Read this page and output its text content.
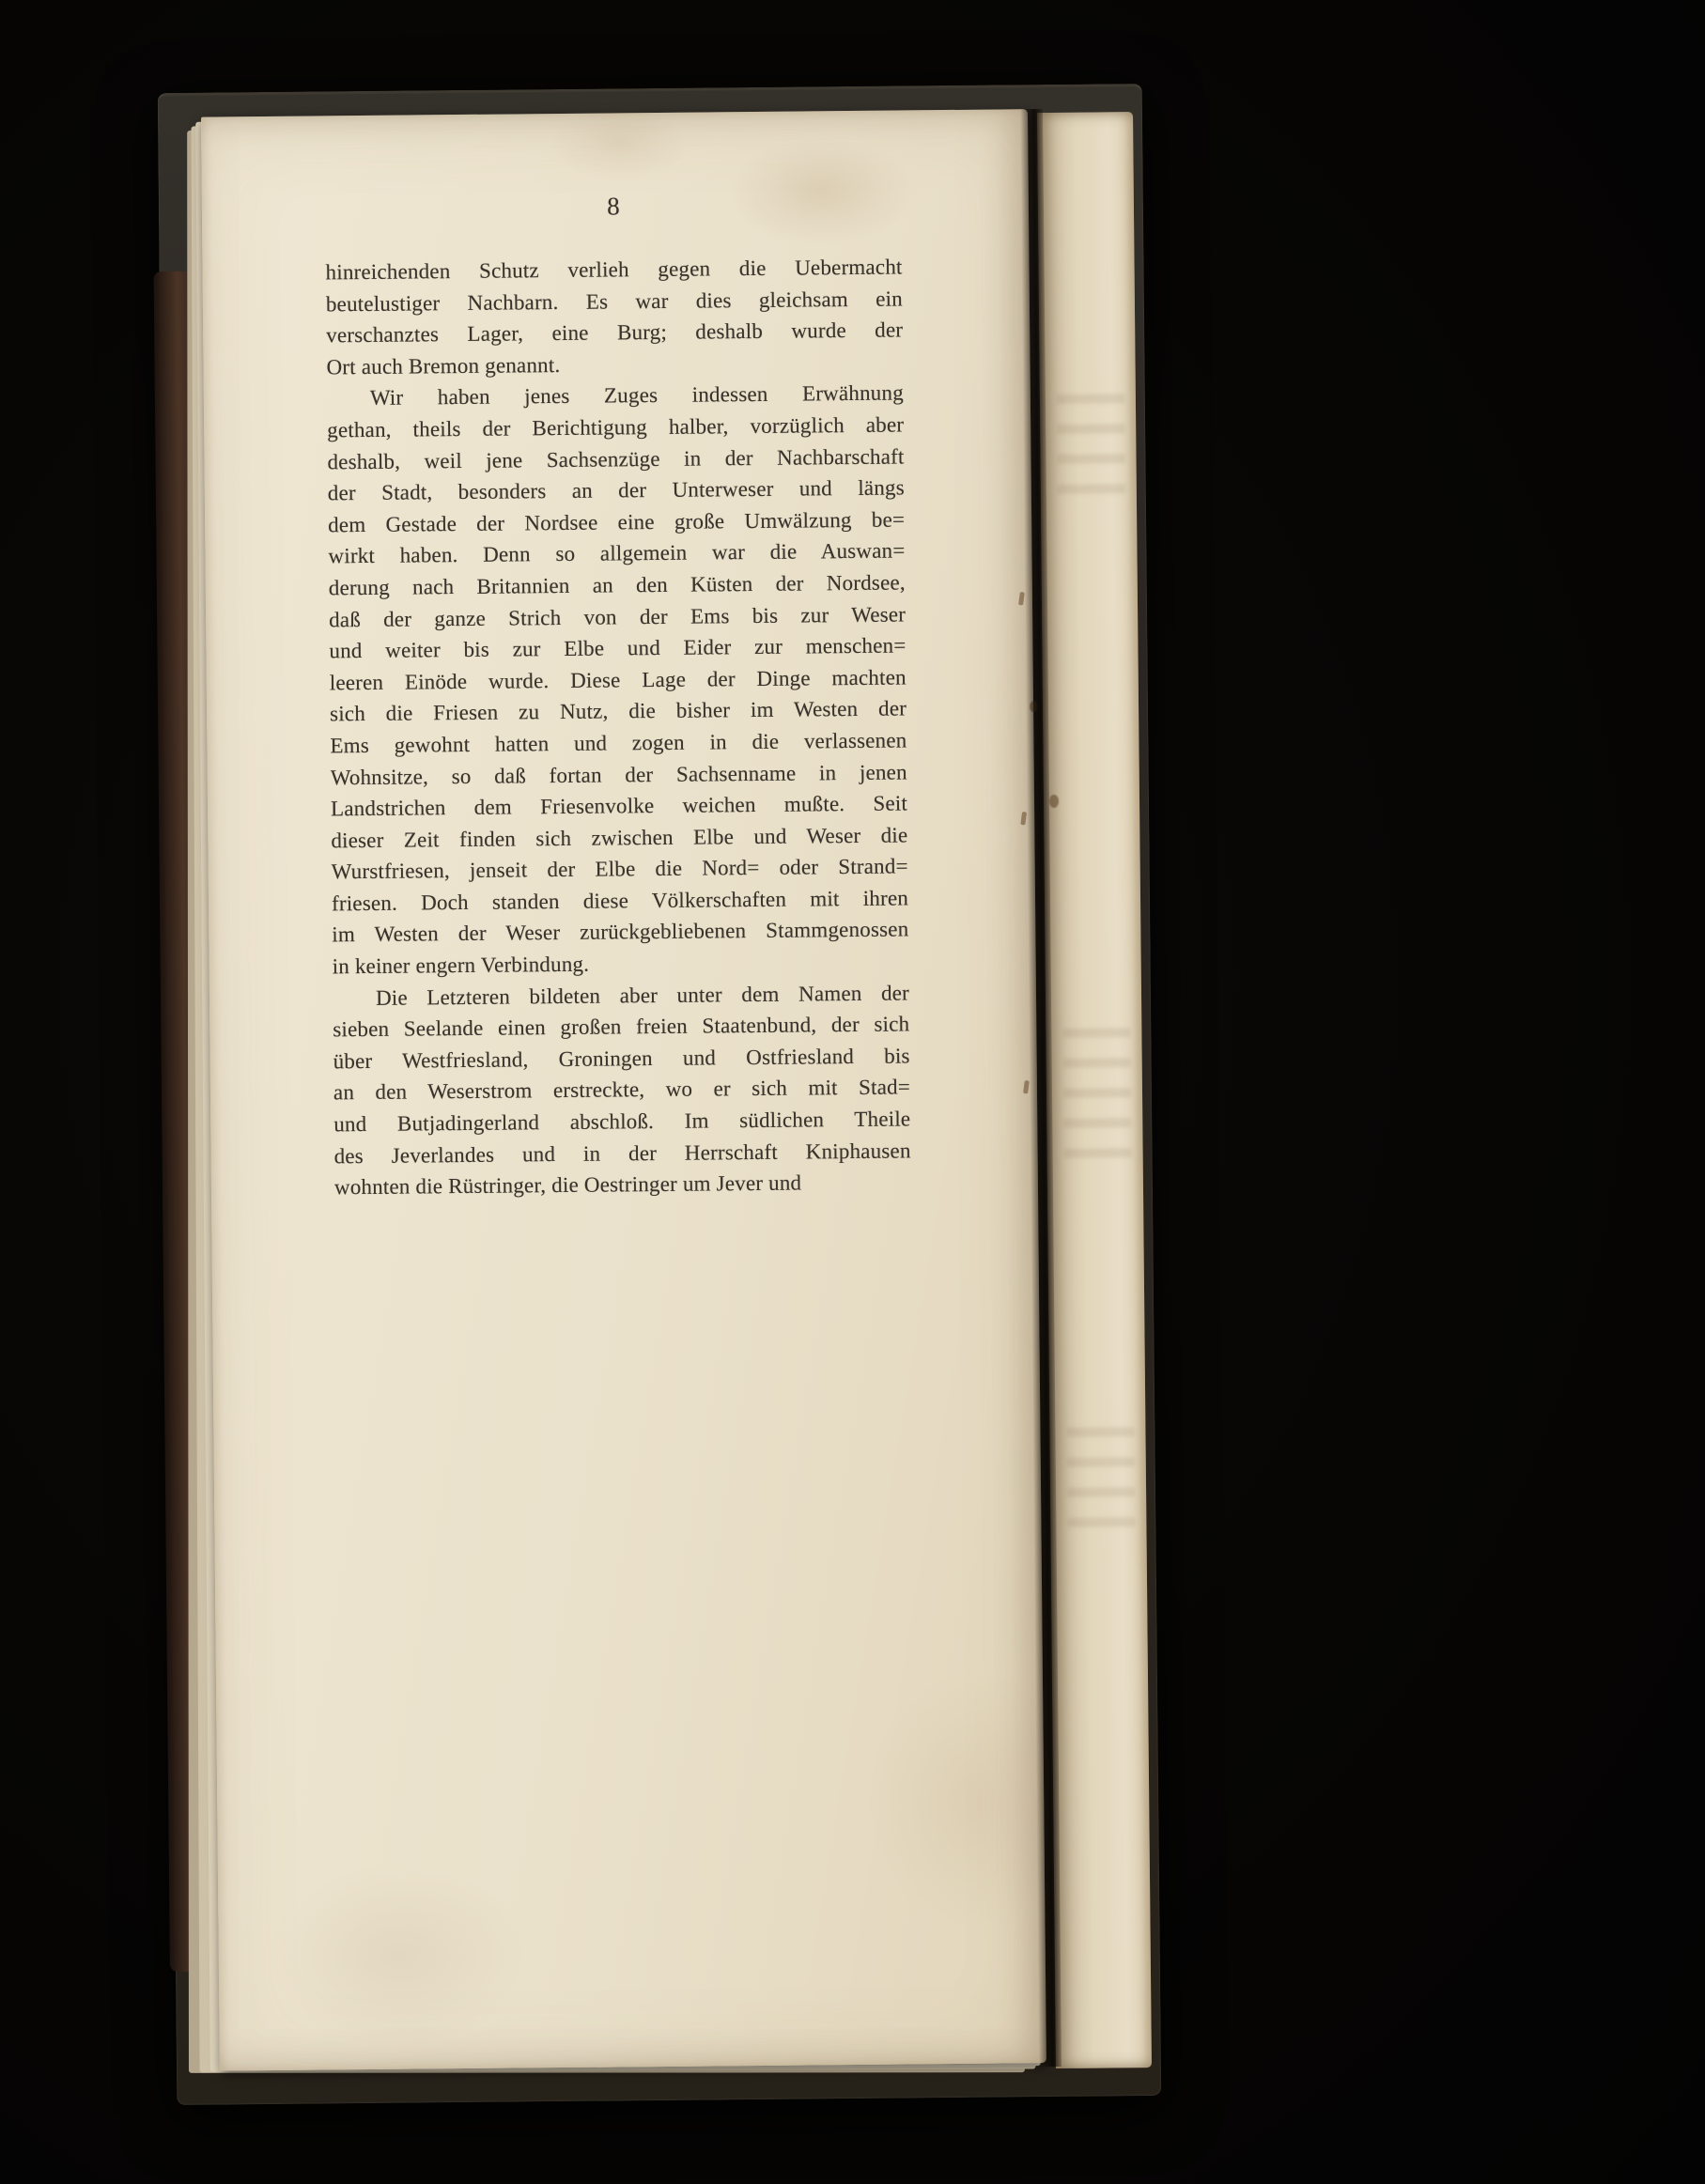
8
hinreichenden Schutz verlieh gegen die Uebermacht
beutelustiger Nachbarn. Es war dies gleichsam ein
verschanztes Lager, eine Burg; deshalb wurde der
Ort auch Bremon genannt.
Wir haben jenes Zuges indessen Erwähnung
gethan, theils der Berichtigung halber, vorzüglich aber
deshalb, weil jene Sachsenzüge in der Nachbarschaft
der Stadt, besonders an der Unterweser und längs
dem Gestade der Nordsee eine große Umwälzung be=
wirkt haben. Denn so allgemein war die Auswan=
derung nach Britannien an den Küsten der Nordsee,
daß der ganze Strich von der Ems bis zur Weser
und weiter bis zur Elbe und Eider zur menschen=
leeren Einöde wurde. Diese Lage der Dinge machten
sich die Friesen zu Nutz, die bisher im Westen der
Ems gewohnt hatten und zogen in die verlassenen
Wohnsitze, so daß fortan der Sachsenname in jenen
Landstrichen dem Friesenvolke weichen mußte. Seit
dieser Zeit finden sich zwischen Elbe und Weser die
Wurstfriesen, jenseit der Elbe die Nord= oder Strand=
friesen. Doch standen diese Völkerschaften mit ihren
im Westen der Weser zurückgebliebenen Stammgenossen
in keiner engern Verbindung.
Die Letzteren bildeten aber unter dem Namen der
sieben Seelande einen großen freien Staatenbund, der sich
über Westfriesland, Groningen und Ostfriesland bis
an den Weserstrom erstreckte, wo er sich mit Stad=
und Butjadingerland abschloß. Im südlichen Theile
des Jeverlandes und in der Herrschaft Kniphausen
wohnten die Rüstringer, die Oestringer um Jever und
